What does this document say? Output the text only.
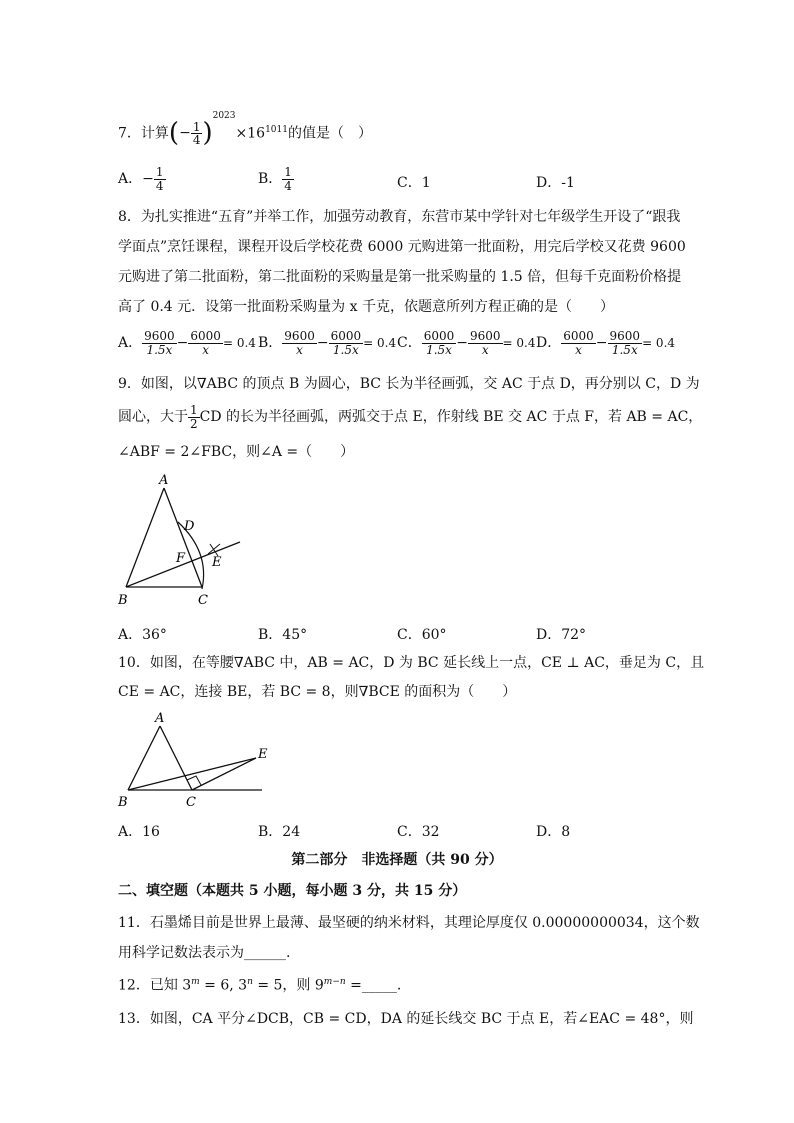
7．计算(− $\frac{1}{4} )^{2023}\times 16^{1011}$的值是（　）
A．− $\frac{1}{4}$	B． $\frac{1}{4}$	C．1	D．-1
8．为扎实推进“五育”并举工作，加强劳动教育，东营市某中学针对七年级学生开设了“跟我
学面点”烹饪课程，课程开设后学校花费 6000 元购进第一批面粉，用完后学校又花费 9600
元购进了第二批面粉，第二批面粉的采购量是第一批采购量的 1.5 倍，但每千克面粉价格提
高了 0.4 元．设第一批面粉采购量为 x 千克，依题意所列方程正确的是（　　）
A． $\frac{9600}{1.5x} - \frac{6000}{x} = 0.4$ B． $\frac{9600}{x} - \frac{6000}{1.5x} = 0.4$ C． $\frac{6000}{1.5x} - \frac{9600}{x} = 0.4$ D． $\frac{6000}{x} - \frac{9600}{1.5x} = 0.4$
9．如图，以∇ABC 的顶点 B 为圆心，BC 长为半径画弧，交 AC 于点 D，再分别以 C，D 为
圆心，大于 $\frac{1}{2}$ CD 的长为半径画弧，两弧交于点 E，作射线 BE 交 AC 于点 F，若 AB = AC，
∠ABF = 2∠FBC，则∠A =（　　）
A
B	C
D
E
F
A．36°	B．45°	C．60°	D．72°
10．如图，在等腰∇ABC 中，AB = AC，D 为 BC 延长线上一点，CE ⊥ AC，垂足为 C，且
CE = AC，连接 BE，若 BC = 8，则∇BCE 的面积为（　　）
A
B	C
E
A．16	B．24	C．32	D．8
第二部分　非选择题（共 90 分）
二、填空题（本题共 5 小题，每小题 3 分，共 15 分）
11．石墨烯目前是世界上最薄、最坚硬的纳米材料，其理论厚度仅 0.00000000034，这个数
用科学记数法表示为______.
12．已知 $3^m = 6$, $3^n = 5$，则 $9^{m-n}$ =_____.
13．如图，CA 平分∠DCB，CB = CD，DA 的延长线交 BC 于点 E，若∠EAC = 48°，则
